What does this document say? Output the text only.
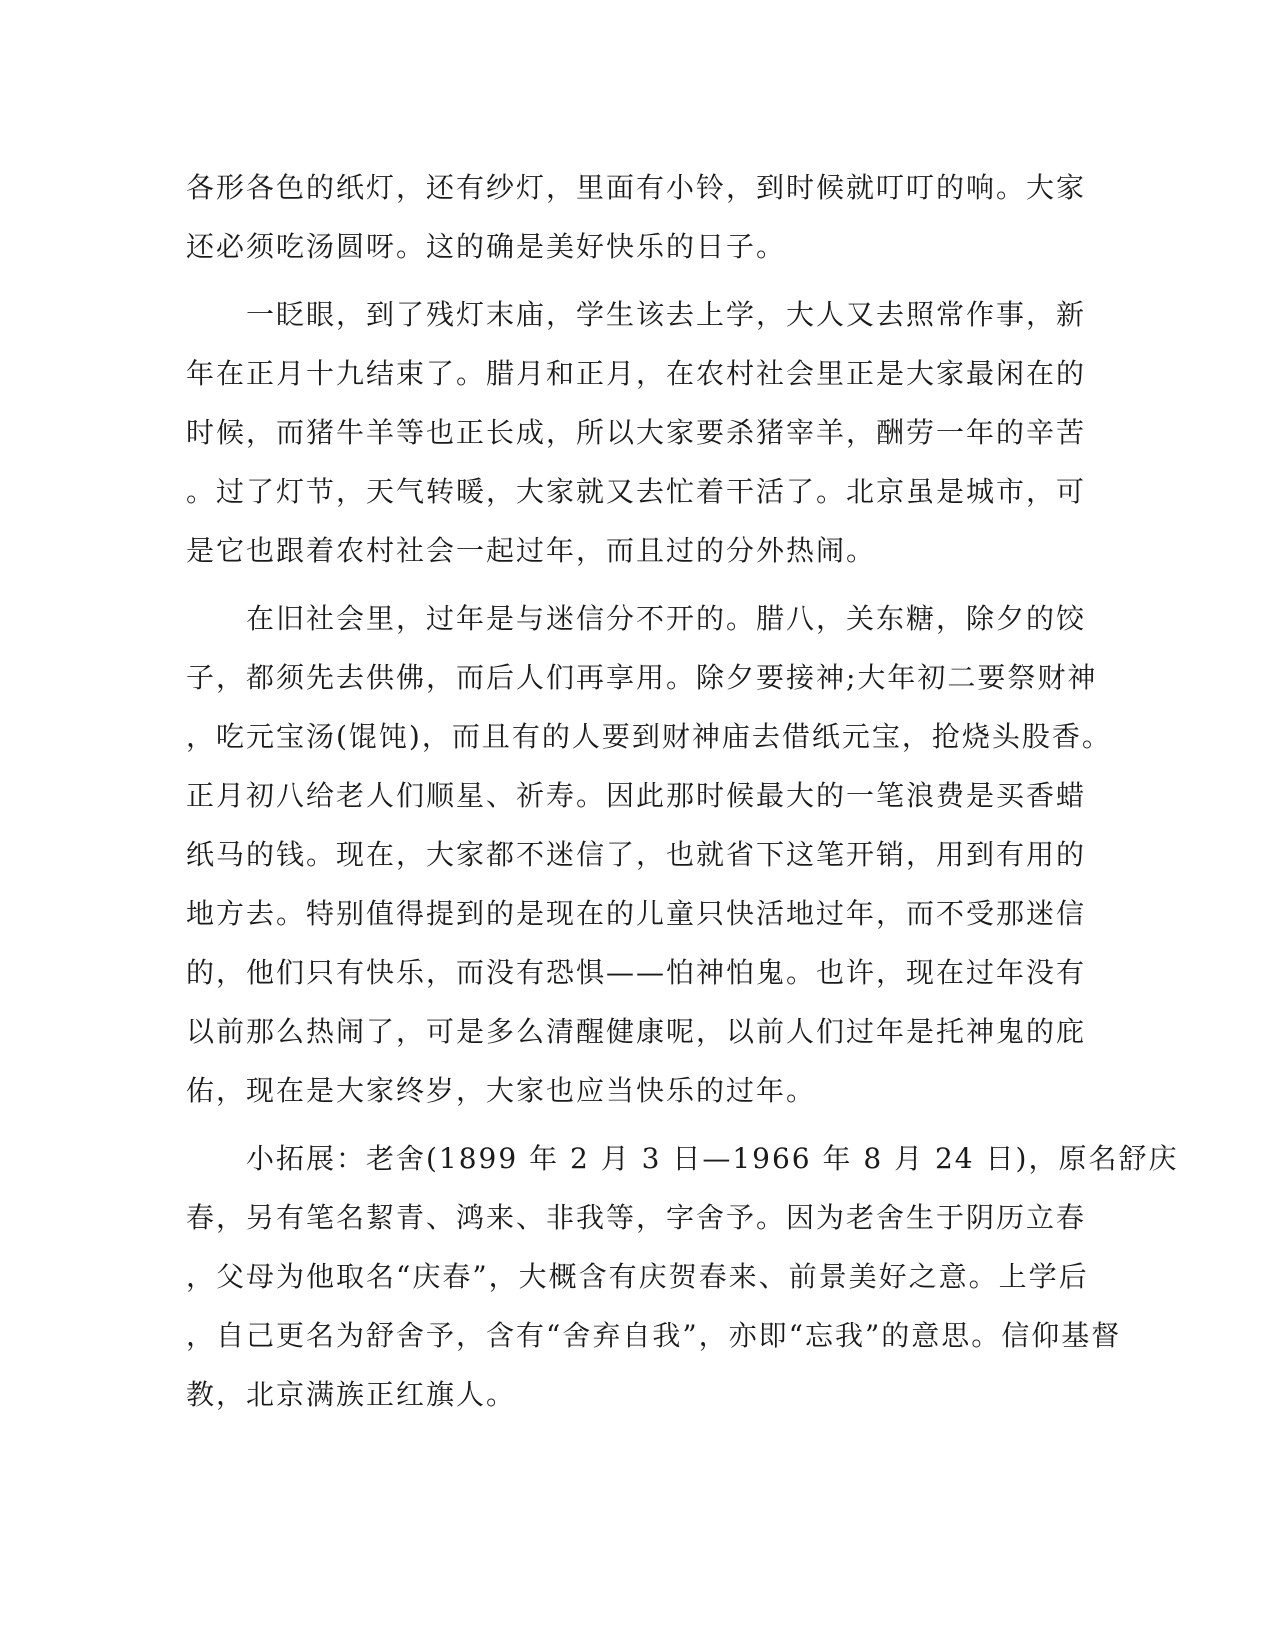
各形各色的纸灯，还有纱灯，里面有小铃，到时候就叮叮的响。大家
还必须吃汤圆呀。这的确是美好快乐的日子。
　　一眨眼，到了残灯末庙，学生该去上学，大人又去照常作事，新
年在正月十九结束了。腊月和正月，在农村社会里正是大家最闲在的
时候，而猪牛羊等也正长成，所以大家要杀猪宰羊，酬劳一年的辛苦
。过了灯节，天气转暖，大家就又去忙着干活了。北京虽是城市，可
是它也跟着农村社会一起过年，而且过的分外热闹。
　　在旧社会里，过年是与迷信分不开的。腊八，关东糖，除夕的饺
子，都须先去供佛，而后人们再享用。除夕要接神;大年初二要祭财神
，吃元宝汤(馄饨)，而且有的人要到财神庙去借纸元宝，抢烧头股香。
正月初八给老人们顺星、祈寿。因此那时候最大的一笔浪费是买香蜡
纸马的钱。现在，大家都不迷信了，也就省下这笔开销，用到有用的
地方去。特别值得提到的是现在的儿童只快活地过年，而不受那迷信
的，他们只有快乐，而没有恐惧——怕神怕鬼。也许，现在过年没有
以前那么热闹了，可是多么清醒健康呢，以前人们过年是托神鬼的庇
佑，现在是大家终岁，大家也应当快乐的过年。
　　小拓展：老舍(1899 年 2 月 3 日—1966 年 8 月 24 日)，原名舒庆
春，另有笔名絜青、鸿来、非我等，字舍予。因为老舍生于阴历立春
，父母为他取名“庆春”，大概含有庆贺春来、前景美好之意。上学后
，自己更名为舒舍予，含有“舍弃自我”，亦即“忘我”的意思。信仰基督
教，北京满族正红旗人。
